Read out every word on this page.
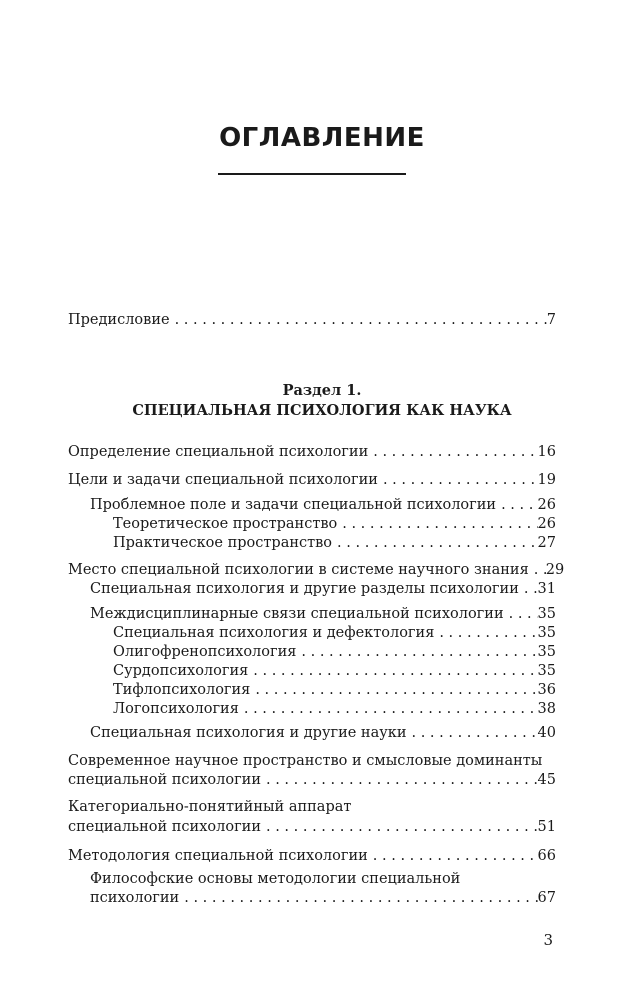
ОГЛАВЛЕНИЕ
Предисловие . . .	7
Раздел 1.
СПЕЦИАЛЬНАЯ ПСИХОЛОГИЯ КАК НАУКА
Определение специальной психологии . . .	16
Цели и задачи специальной психологии . . .	19
Проблемное поле и задачи специальной психологии . . .	26
Теоретическое пространство . . .	26
Практическое пространство . . .	27
Место специальной психологии в системе научного знания . . . 29
Специальная психология и другие разделы психологии . . . 31
Междисциплинарные связи специальной психологии . . . 35
Специальная психология и дефектология . . .	35
Олигофренопсихология . . .	35
Сурдопсихология . . .	35
Тифлопсихология . . .	36
Логопсихология . . .	38
Специальная психология и другие науки . . .	40
Современное научное пространство и смысловые доминанты
специальной психологии . . .	45
Категориально-понятийный аппарат
специальной психологии . . .	51
Методология специальной психологии . . .	66
Философские основы методологии специальной
психологии . . .	67
3
